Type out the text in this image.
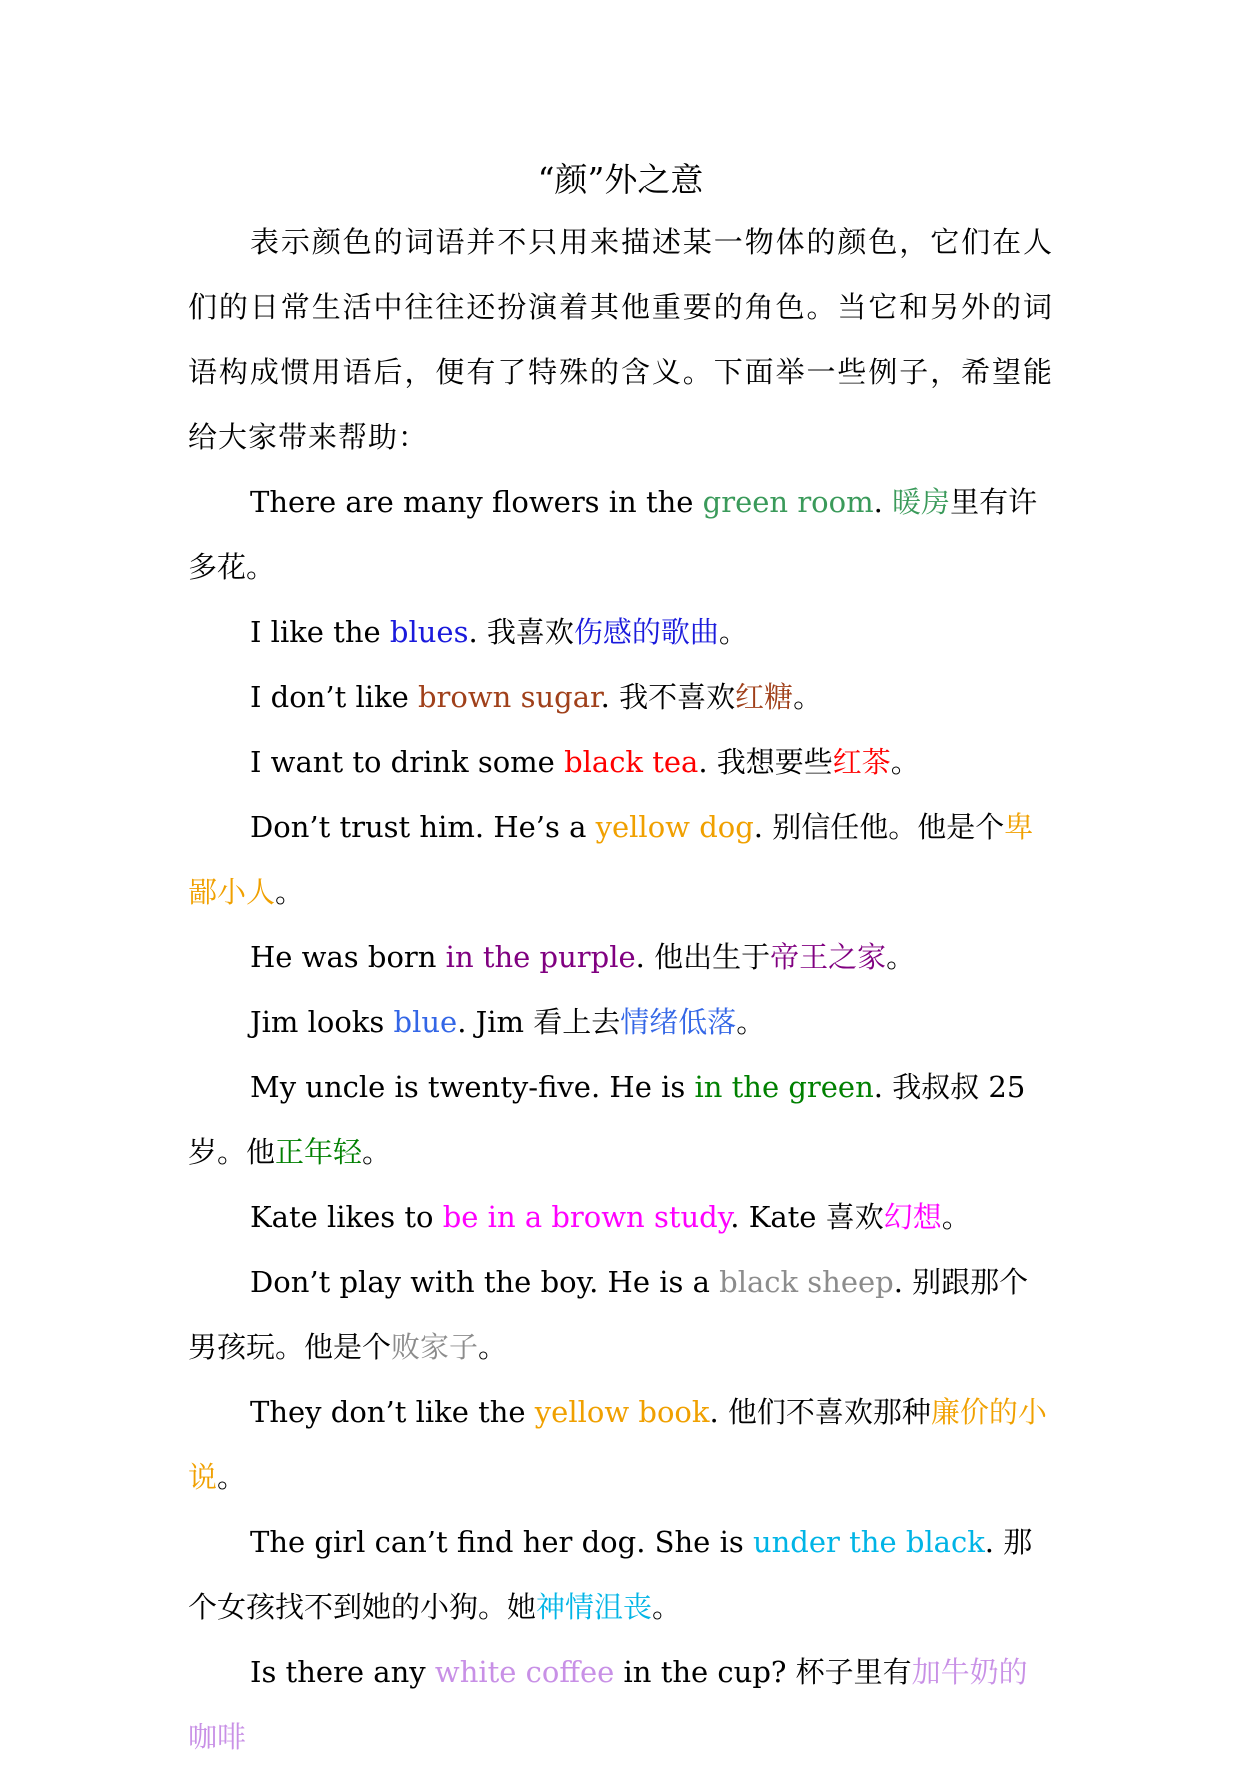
“颜”外之意

表示颜色的词语并不只用来描述某一物体的颜色，它们在人们的日常生活中往往还扮演着其他重要的角色。当它和另外的词语构成惯用语后，便有了特殊的含义。下面举一些例子，希望能给大家带来帮助：

There are many flowers in the green room. 暖房里有许多花。

I like the blues. 我喜欢伤感的歌曲。

I don’t like brown sugar. 我不喜欢红糖。

I want to drink some black tea. 我想要些红茶。

Don’t trust him. He’s a yellow dog. 别信任他。他是个卑鄙小人。

He was born in the purple. 他出生于帝王之家。

Jim looks blue. Jim 看上去情绪低落。

My uncle is twenty-five. He is in the green. 我叔叔 25 岁。他正年轻。

Kate likes to be in a brown study. Kate 喜欢幻想。

Don’t play with the boy. He is a black sheep. 别跟那个男孩玩。他是个败家子。

They don’t like the yellow book. 他们不喜欢那种廉价的小说。

The girl can’t find her dog. She is under the black. 那个女孩找不到她的小狗。她神情沮丧。

Is there any white coffee in the cup? 杯子里有加牛奶的咖啡
